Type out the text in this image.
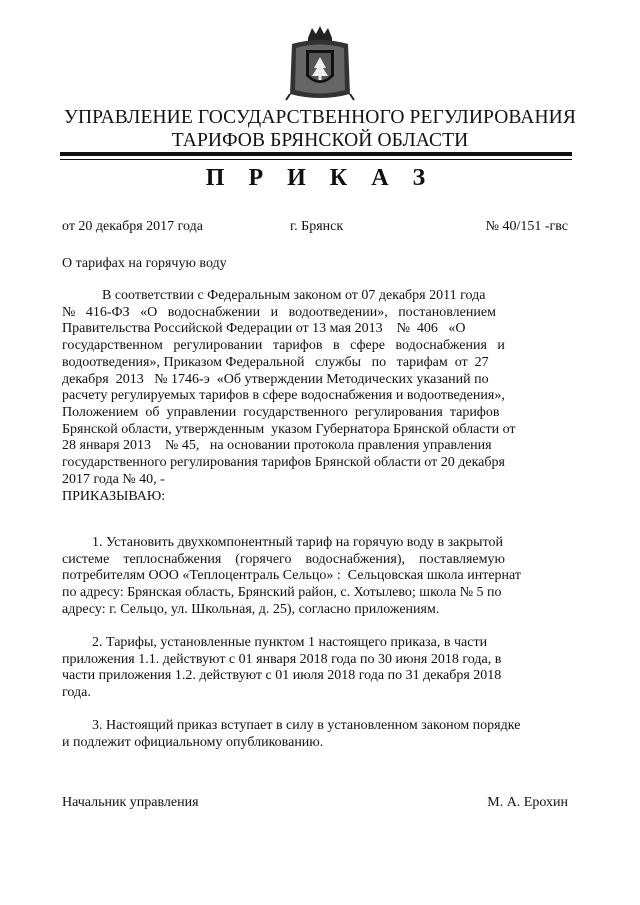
УПРАВЛЕНИЕ ГОСУДАРСТВЕННОГО РЕГУЛИРОВАНИЯ
ТАРИФОВ БРЯНСКОЙ ОБЛАСТИ
П Р И К А З
от 20 декабря 2017 года	г. Брянск	№ 40/151 -гвс
О тарифах на горячую воду
В соответствии с Федеральным законом от 07 декабря 2011 года
№   416-ФЗ   «О   водоснабжении   и   водоотведении»,   постановлением
Правительства Российской Федерации от 13 мая 2013    №  406   «О
государственном   регулировании   тарифов   в   сфере   водоснабжения   и
водоотведения», Приказом Федеральной   службы   по   тарифам  от  27
декабря  2013   № 1746-э  «Об утверждении Методических указаний по
расчету регулируемых тарифов в сфере водоснабжения и водоотведения»,
Положением  об  управлении  государственного  регулирования  тарифов
Брянской области, утвержденным  указом Губернатора Брянской области от
28 января 2013    № 45,   на основании протокола правления управления
государственного регулирования тарифов Брянской области от 20 декабря
2017 года № 40, -
ПРИКАЗЫВАЮ:
1. Установить двухкомпонентный тариф на горячую воду в закрытой
системе    теплоснабжения    (горячего    водоснабжения),    поставляемую
потребителям ООО «Теплоцентраль Сельцо» :  Сельцовская школа интернат
по адресу: Брянская область, Брянский район, с. Хотылево; школа № 5 по
адресу: г. Сельцо, ул. Школьная, д. 25), согласно приложениям.
2. Тарифы, установленные пунктом 1 настоящего приказа, в части
приложения 1.1. действуют с 01 января 2018 года по 30 июня 2018 года, в
части приложения 1.2. действуют с 01 июля 2018 года по 31 декабря 2018
года.
3. Настоящий приказ вступает в силу в установленном законом порядке
и подлежит официальному опубликованию.
Начальник управления	М. А. Ерохин
